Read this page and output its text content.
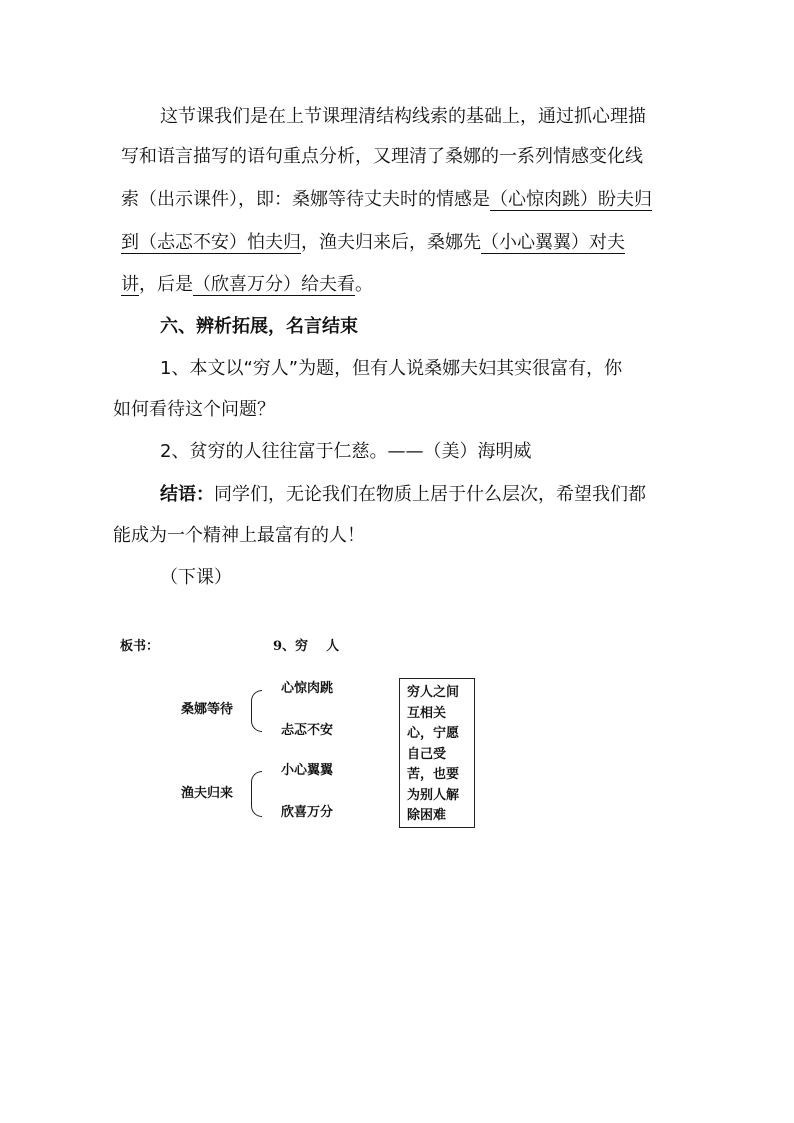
这节课我们是在上节课理清结构线索的基础上，通过抓心理描
写和语言描写的语句重点分析，又理清了桑娜的一系列情感变化线
索（出示课件），即：桑娜等待丈夫时的情感是（心惊肉跳）盼夫归
到（忐忑不安）怕夫归，渔夫归来后，桑娜先（小心翼翼）对夫
讲，后是（欣喜万分）给夫看。
六、辨析拓展，名言结束
1、本文以“穷人”为题，但有人说桑娜夫妇其实很富有，你
如何看待这个问题？
2、贫穷的人往往富于仁慈。——（美）海明威
结语：同学们，无论我们在物质上居于什么层次，希望我们都
能成为一个精神上最富有的人！
（下课）
板书：	9、穷    人
桑娜等待
心惊肉跳
忐忑不安
渔夫归来
小心翼翼
欣喜万分
穷人之间
互相关
心，宁愿
自己受
苦，也要
为别人解
除困难
